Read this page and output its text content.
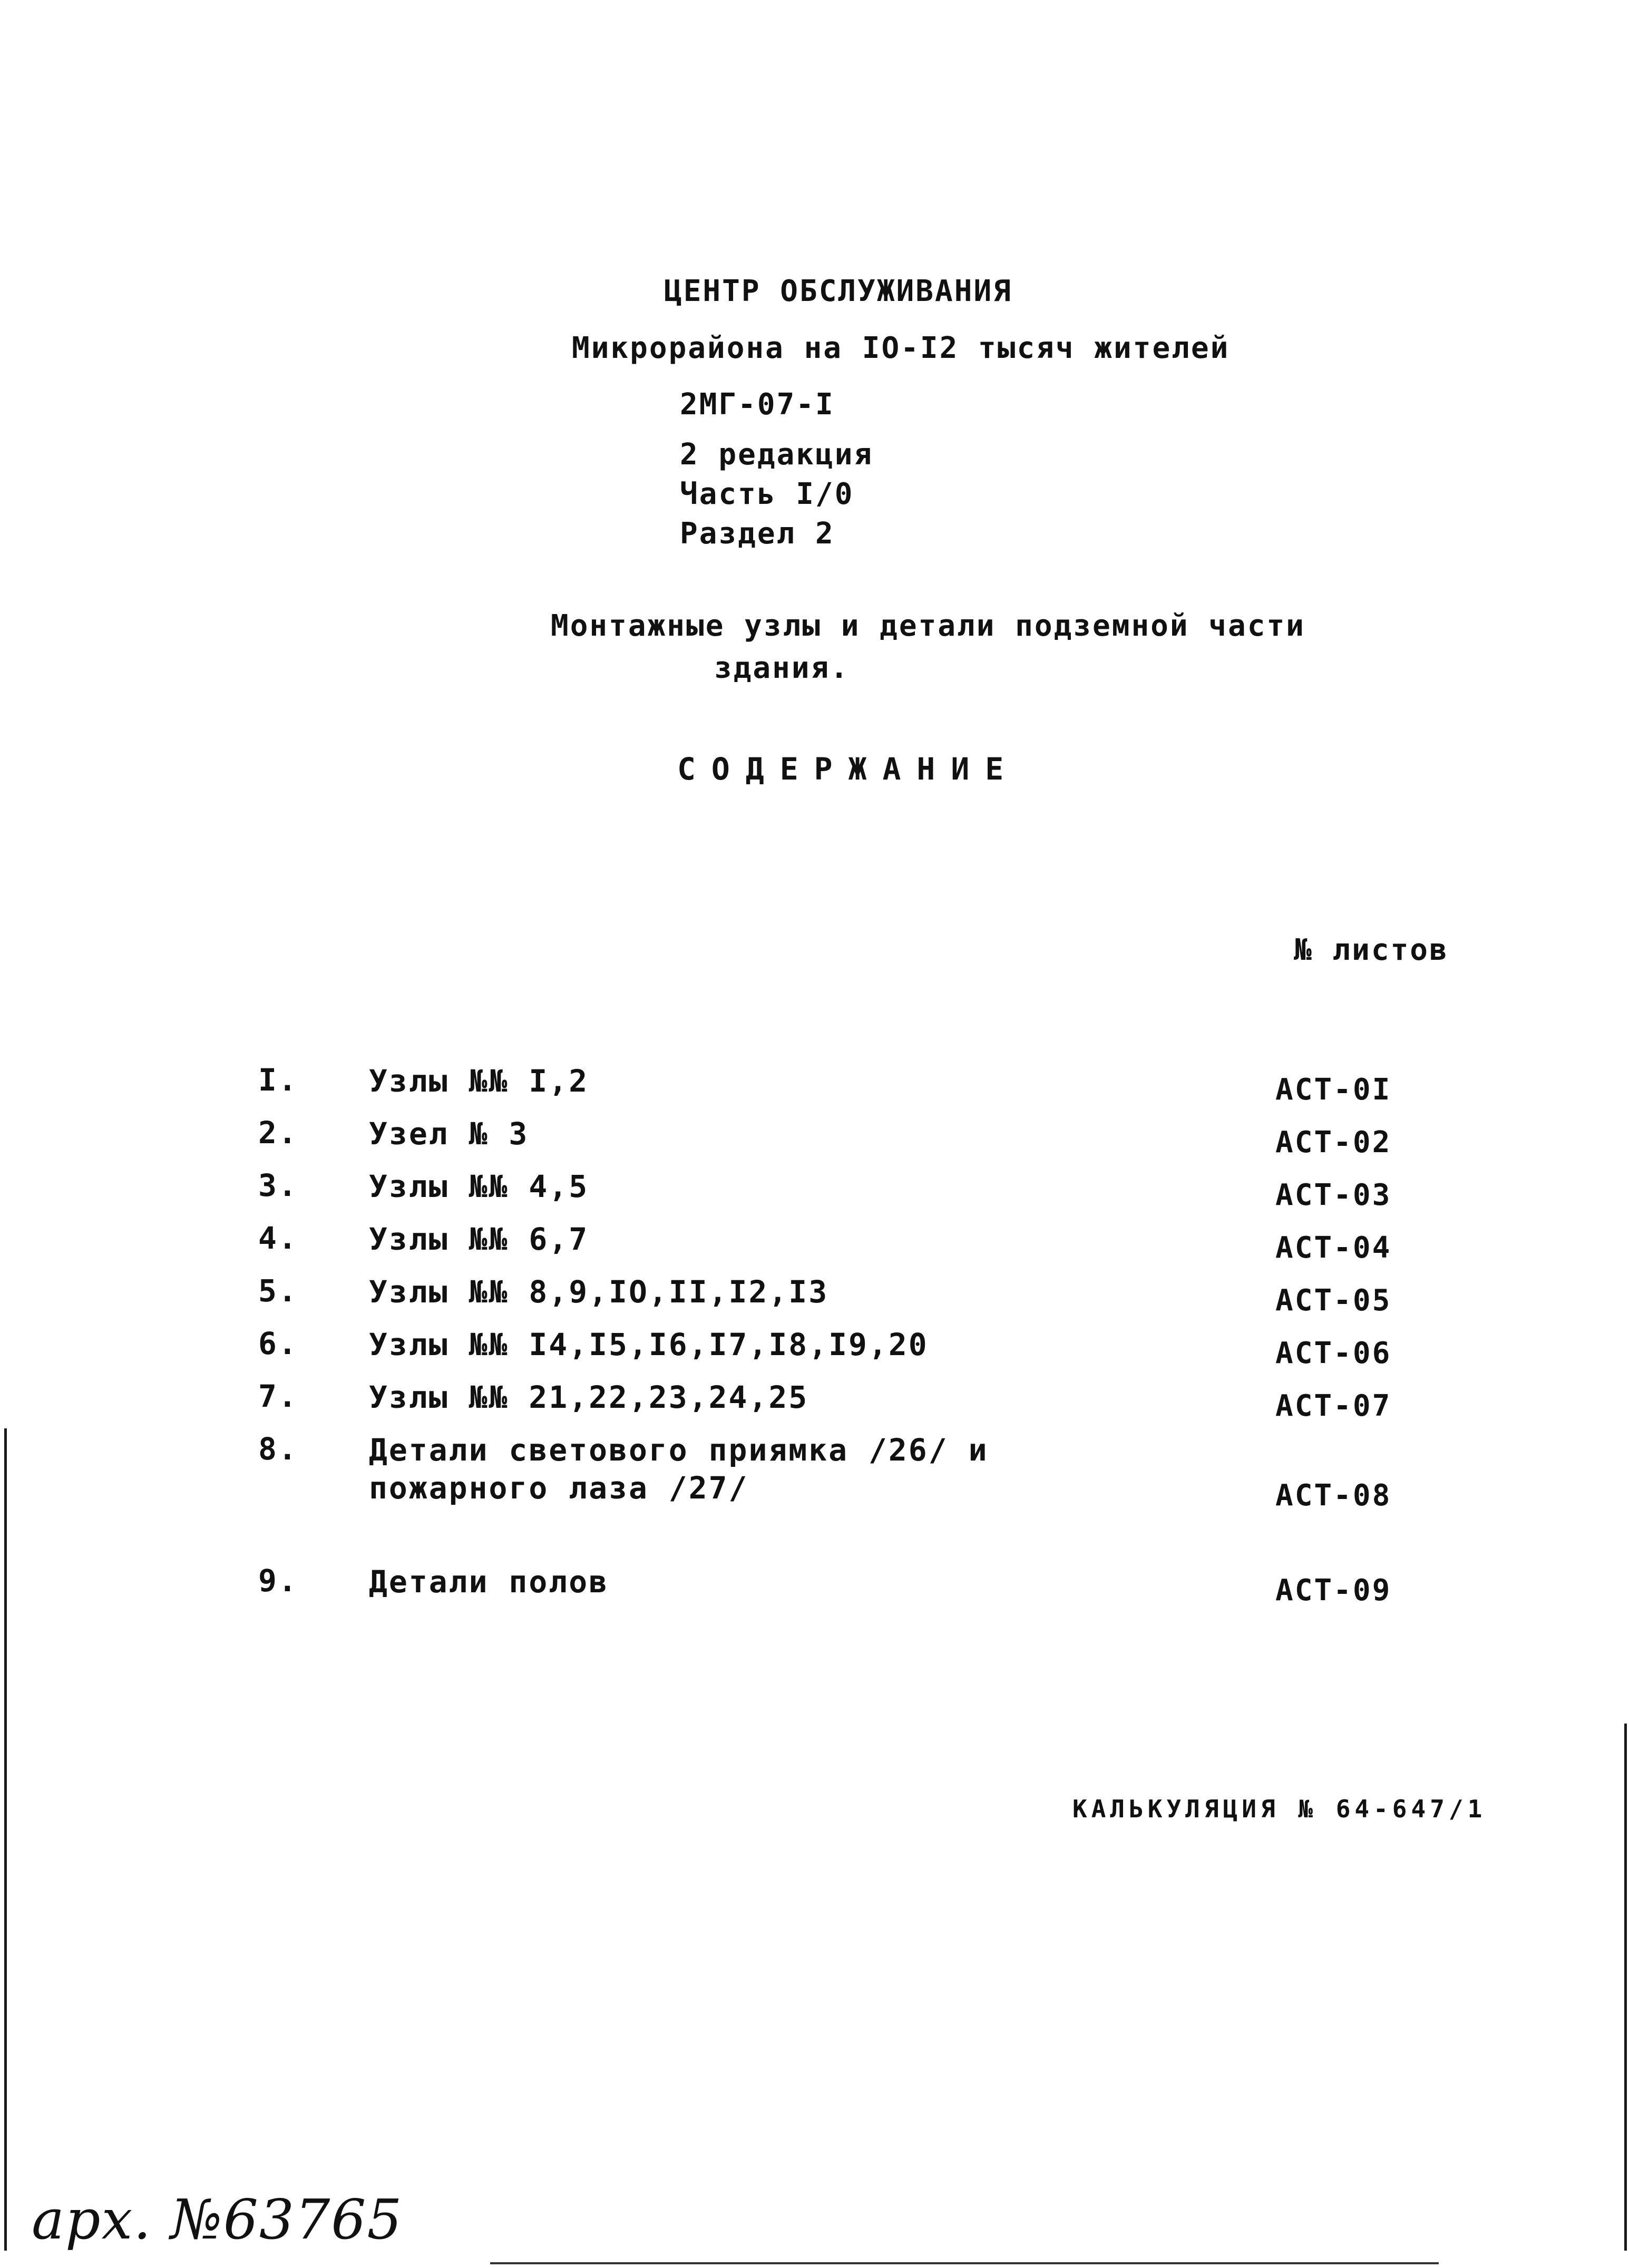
ЦЕНТР ОБСЛУЖИВАНИЯ
Микрорайона на IO-I2 тысяч жителей
2МГ-07-I
2 редакция
Часть I/0
Раздел 2
Монтажные узлы и детали подземной части
здания.
СОДЕРЖАНИЕ
№ листов
I. Узлы №№ I,2	АСТ-0I
2. Узел № 3	АСТ-02
3. Узлы №№ 4,5	АСТ-03
4. Узлы №№ 6,7	АСТ-04
5. Узлы №№ 8,9,IO,II,I2,I3	АСТ-05
6. Узлы №№ I4,I5,I6,I7,I8,I9,20	АСТ-06
7. Узлы №№ 21,22,23,24,25	АСТ-07
8. Детали светового приямка /26/ и
пожарного лаза /27/	АСТ-08
9. Детали полов	АСТ-09
КАЛЬКУЛЯЦИЯ № 64-647/1
арх. №63765
